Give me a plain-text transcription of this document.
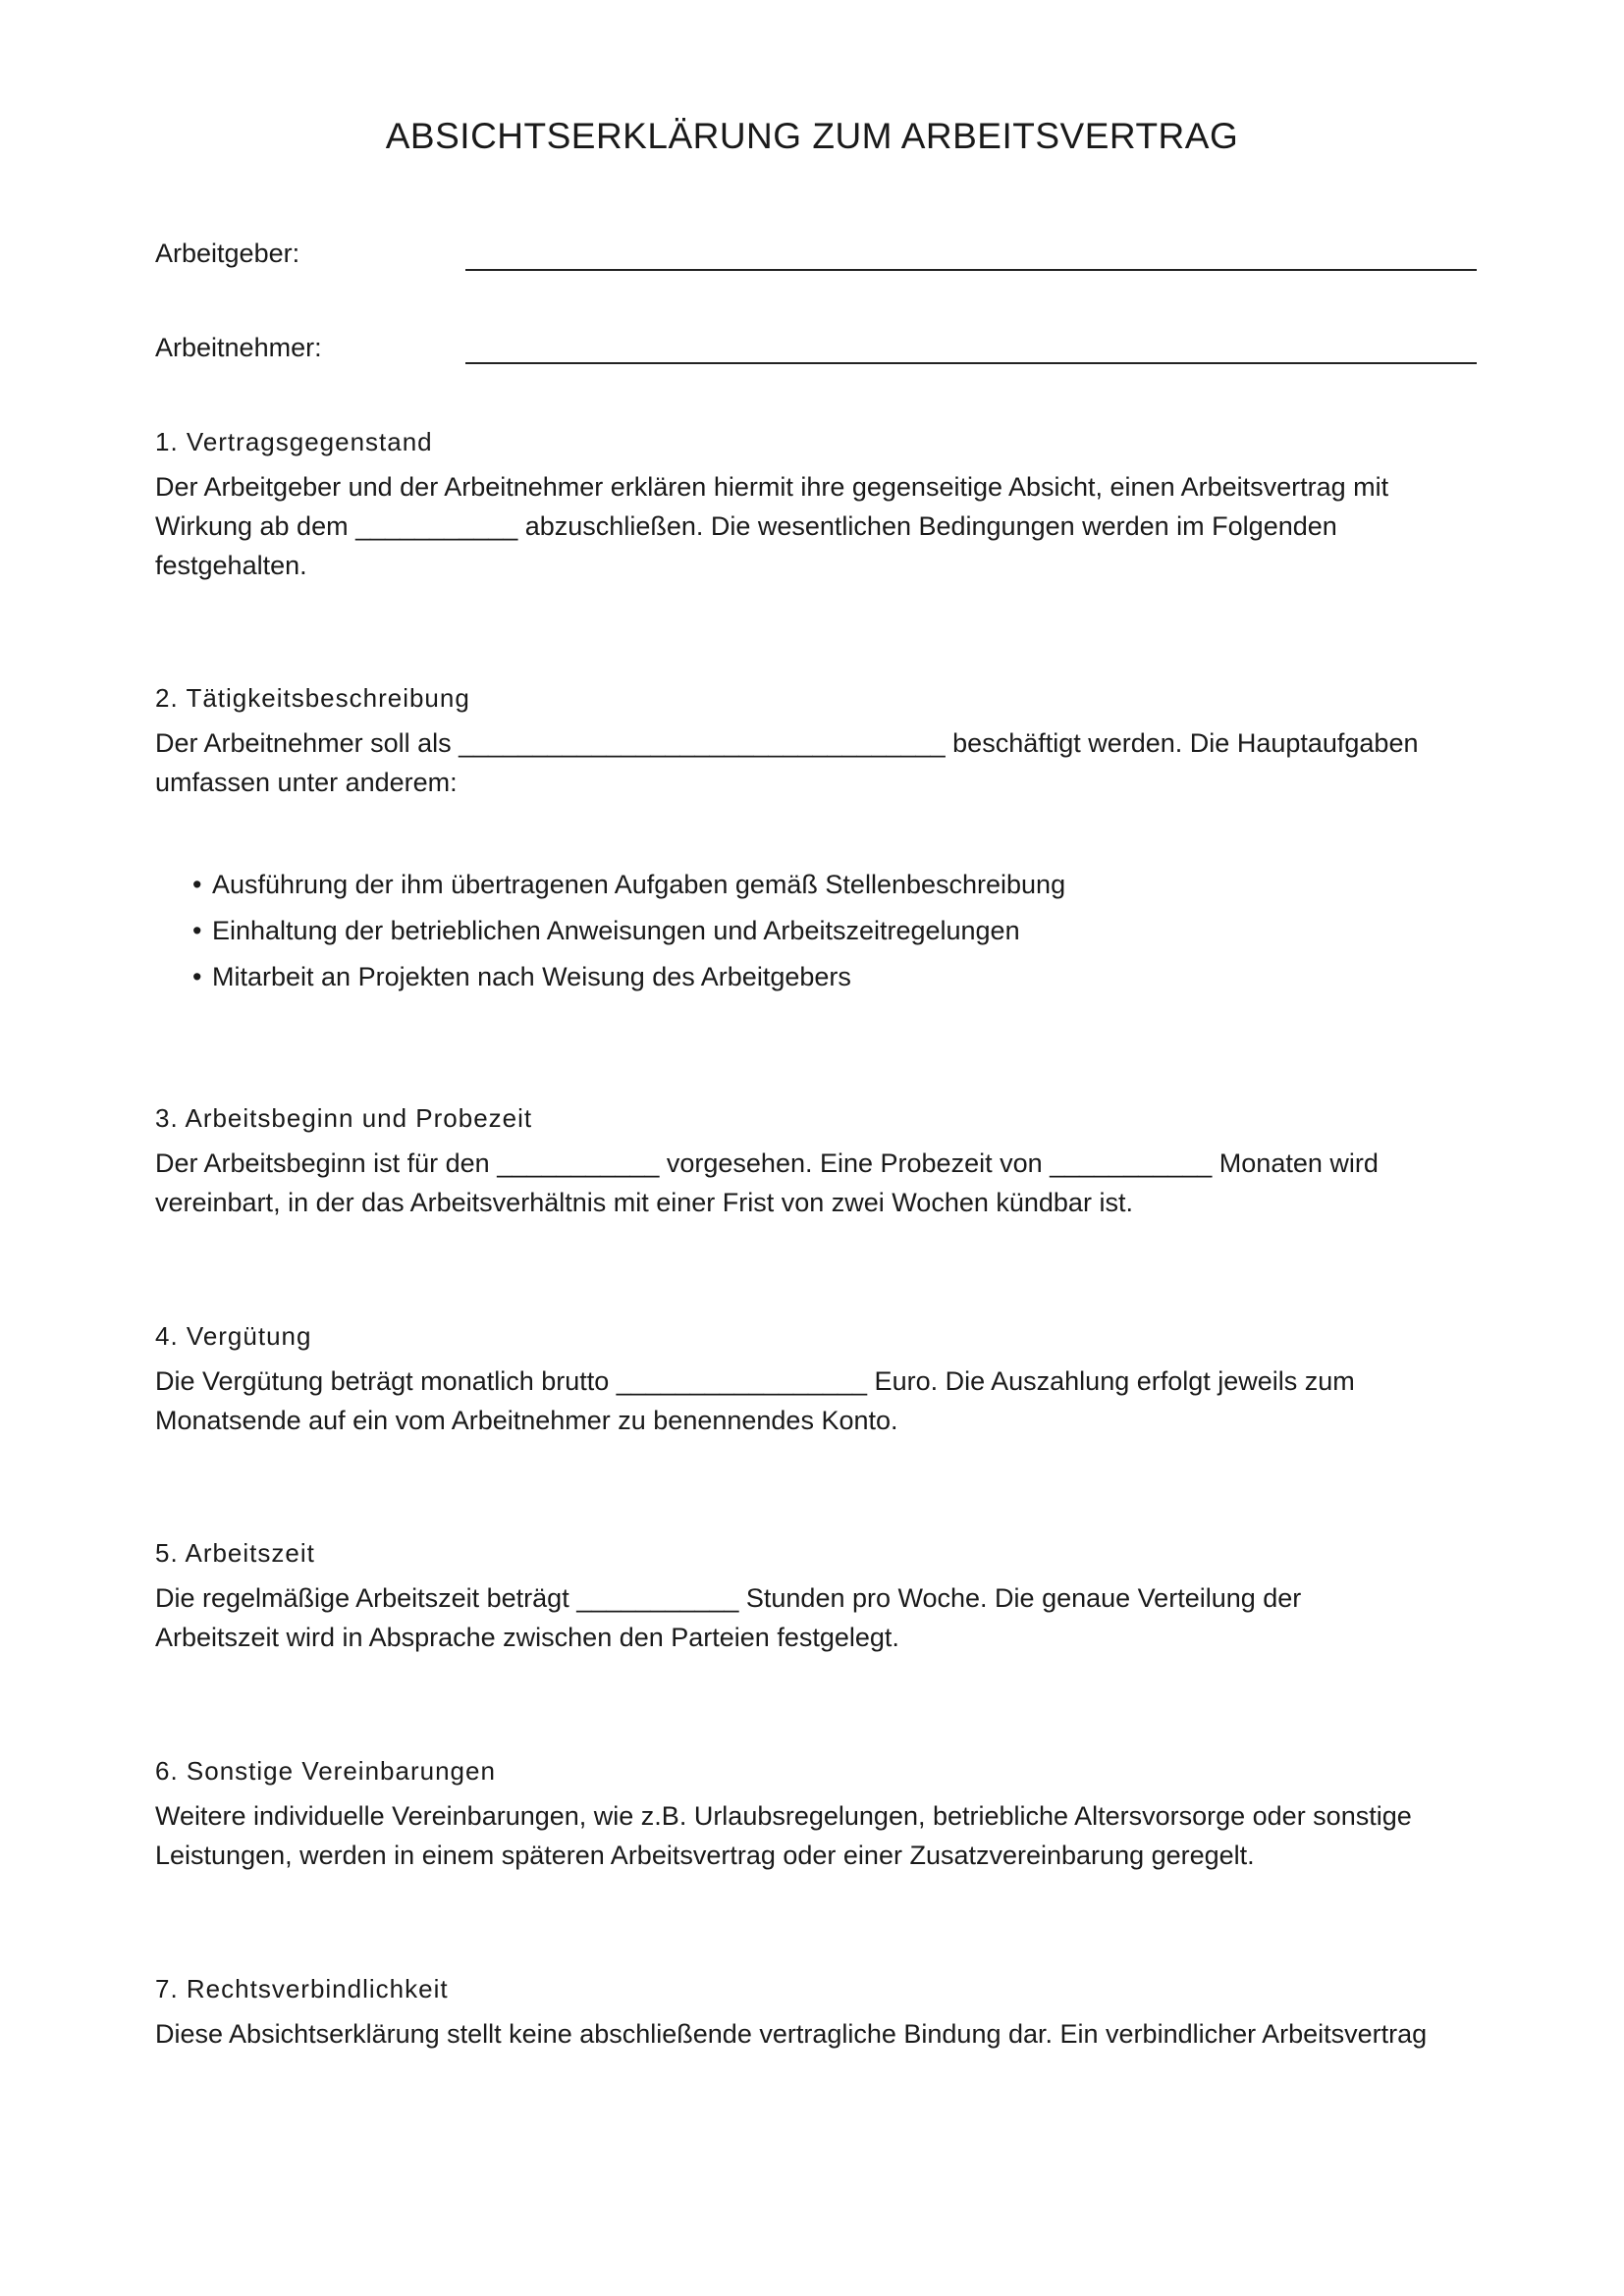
ABSICHTSERKLÄRUNG ZUM ARBEITSVERTRAG
Arbeitgeber:
Arbeitnehmer:
1. Vertragsgegenstand

Der Arbeitgeber und der Arbeitnehmer erklären hiermit ihre gegenseitige Absicht, einen Arbeitsvertrag mit
Wirkung ab dem ___________ abzuschließen. Die wesentlichen Bedingungen werden im Folgenden
festgehalten.

2. Tätigkeitsbeschreibung

Der Arbeitnehmer soll als _________________________________ beschäftigt werden. Die Hauptaufgaben
umfassen unter anderem:

• Ausführung der ihm übertragenen Aufgaben gemäß Stellenbeschreibung
• Einhaltung der betrieblichen Anweisungen und Arbeitszeitregelungen
• Mitarbeit an Projekten nach Weisung des Arbeitgebers
3. Arbeitsbeginn und Probezeit

Der Arbeitsbeginn ist für den ___________ vorgesehen. Eine Probezeit von ___________ Monaten wird
vereinbart, in der das Arbeitsverhältnis mit einer Frist von zwei Wochen kündbar ist.

4. Vergütung

Die Vergütung beträgt monatlich brutto _________________ Euro. Die Auszahlung erfolgt jeweils zum
Monatsende auf ein vom Arbeitnehmer zu benennendes Konto.

5. Arbeitszeit

Die regelmäßige Arbeitszeit beträgt ___________ Stunden pro Woche. Die genaue Verteilung der
Arbeitszeit wird in Absprache zwischen den Parteien festgelegt.

6. Sonstige Vereinbarungen

Weitere individuelle Vereinbarungen, wie z.B. Urlaubsregelungen, betriebliche Altersvorsorge oder sonstige
Leistungen, werden in einem späteren Arbeitsvertrag oder einer Zusatzvereinbarung geregelt.

7. Rechtsverbindlichkeit

Diese Absichtserklärung stellt keine abschließende vertragliche Bindung dar. Ein verbindlicher Arbeitsvertrag
